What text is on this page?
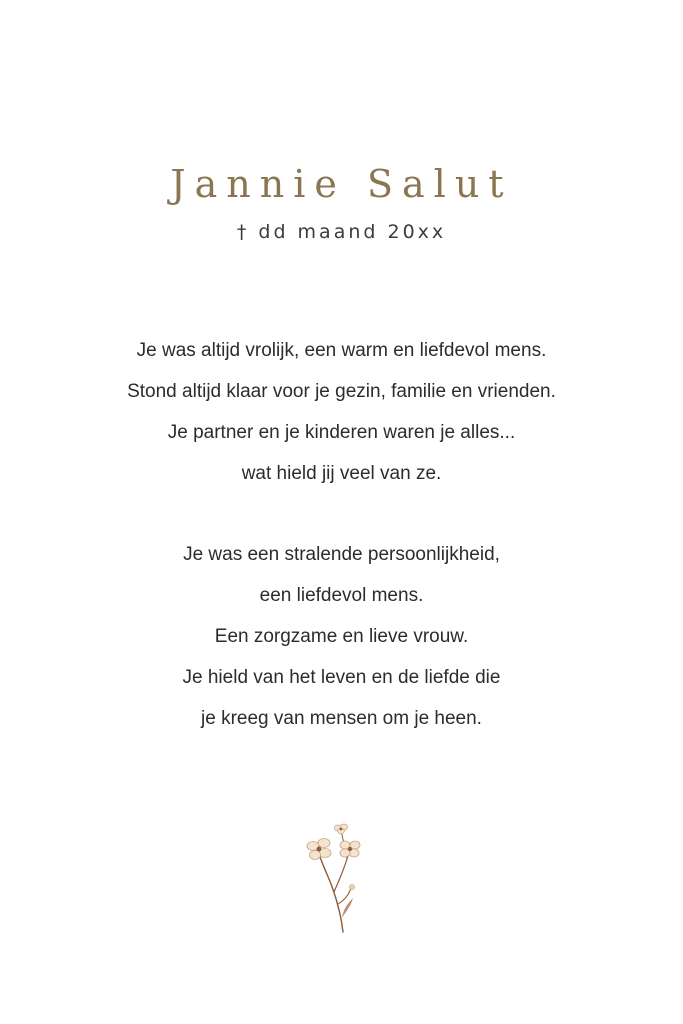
Jannie Salut
† dd maand 20xx
Je was altijd vrolijk, een warm en liefdevol mens.
Stond altijd klaar voor je gezin, familie en vrienden.
Je partner en je kinderen waren je alles...
wat hield jij veel van ze.
Je was een stralende persoonlijkheid,
een liefdevol mens.
Een zorgzame en lieve vrouw.
Je hield van het leven en de liefde die
je kreeg van mensen om je heen.
